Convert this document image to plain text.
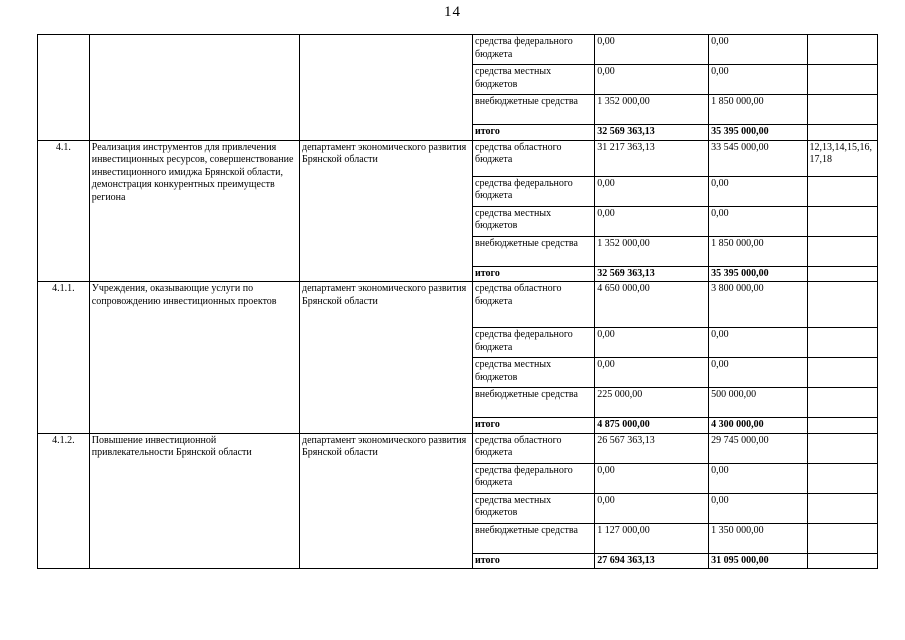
14
			средства федерального бюджета	0,00	0,00	
			средства местных бюджетов	0,00	0,00	
			внебюджетные средства	1 352 000,00	1 850 000,00	
			итого	32 569 363,13	35 395 000,00	
4.1.	Реализация инструментов для привлечения инвестиционных ресурсов, совершенствование инвестиционного имиджа Брянской области, демонстрация конкурентных преимуществ региона	департамент экономического развития Брянской области	средства областного бюджета	31 217 363,13	33 545 000,00	12,13,14,15,16, 17,18
			средства федерального бюджета	0,00	0,00	
			средства местных бюджетов	0,00	0,00	
			внебюджетные средства	1 352 000,00	1 850 000,00	
			итого	32 569 363,13	35 395 000,00	
4.1.1.	Учреждения, оказывающие услуги по сопровождению инвестиционных проектов	департамент экономического развития Брянской области	средства областного бюджета	4 650 000,00	3 800 000,00	
			средства федерального бюджета	0,00	0,00	
			средства местных бюджетов	0,00	0,00	
			внебюджетные средства	225 000,00	500 000,00	
			итого	4 875 000,00	4 300 000,00	
4.1.2.	Повышение инвестиционной привлекательности Брянской области	департамент экономического развития Брянской области	средства областного бюджета	26 567 363,13	29 745 000,00	
			средства федерального бюджета	0,00	0,00	
			средства местных бюджетов	0,00	0,00	
			внебюджетные средства	1 127 000,00	1 350 000,00	
			итого	27 694 363,13	31 095 000,00	
